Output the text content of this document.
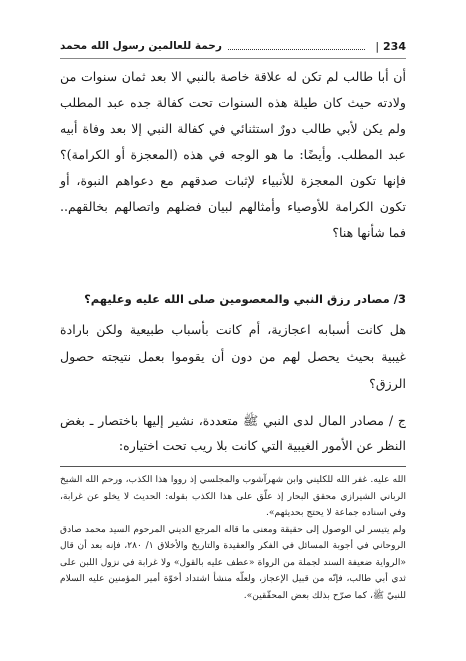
رحمة للعالمين رسول الله محمد	| 234

أن أبا طالب لم تكن له علاقة خاصة بالنبي الا بعد ثمان سنوات من ولادته حيث كان طيلة هذه السنوات تحت كفالة جده عبد المطلب ولم يكن لأبي طالب دورٌ استثنائي في كفالة النبي إلا بعد وفاة أبيه عبد المطلب. وأيضًا: ما هو الوجه في هذه (المعجزة أو الكرامة)؟ فإنها تكون المعجزة للأنبياء لإثبات صدقهم مع دعواهم النبوة، أو تكون الكرامة للأوصياء وأمثالهم لبيان فضلهم واتصالهم بخالقهم.. فما شأنها هنا؟

3/ مصادر رزق النبي والمعصومين صلى الله عليه وعليهم؟

هل كانت أسبابه اعجازية، أم كانت بأسباب طبيعية ولكن بارادة غيبية بحيث يحصل لهم من دون أن يقوموا بعمل نتيجته حصول الرزق؟

ج / مصادر المال لدى النبي ﷺ متعددة، نشير إليها باختصار ـ بغض النظر عن الأمور الغيبية التي كانت بلا ريب تحت اختياره:

الله عليه. غفر الله للكليني وابن شهرآشوب والمجلسي إذ رووا هذا الكذب، ورحم الله الشيخ الرباني الشيرازي محقق البحار إذ علّق على هذا الكذب بقوله: الحديث لا يخلو عن غرابة، وفي اسناده جماعة لا يحتج بحديثهم».

ولم يتيسر لي الوصول إلى حقيقة ومعنى ما قاله المرجع الديني المرحوم السيد محمد صادق الروحاني في أجوبة المسائل في الفكر والعقيدة والتاريخ والأخلاق ١/ ٢٨٠، فإنه بعد أن قال «الرواية ضعيفة السند لجملة من الرواة «عطف عليه بالقول» ولا غرابة في نزول اللبن على ثدي أبي طالب، فإنّه من قبيل الإعجاز، ولعلّه منشأ اشتداد أخوّة أمير المؤمنين عليه السلام للنبيّ ﷺ، كما صرّح بذلك بعض المحقّقين».
